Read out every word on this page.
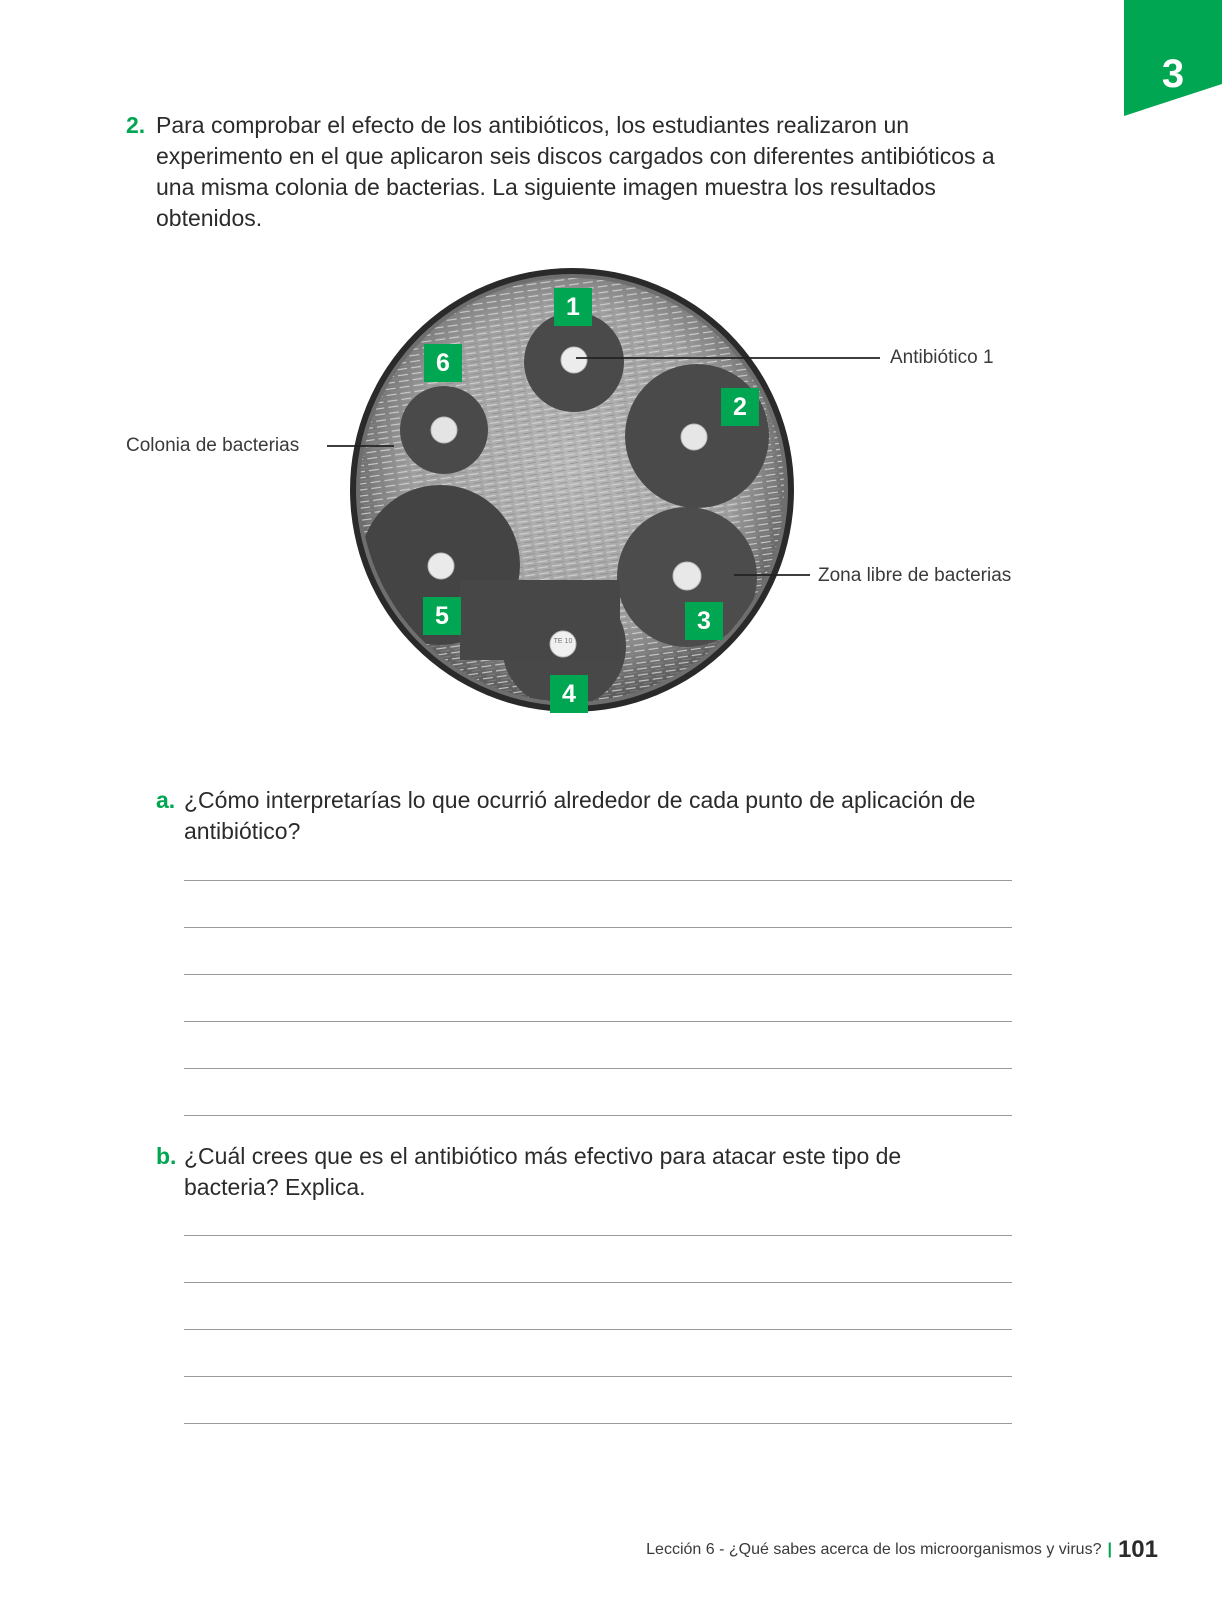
3
2. Para comprobar el efecto de los antibióticos, los estudiantes realizaron un experimento en el que aplicaron seis discos cargados con diferentes antibióticos a una misma colonia de bacterias. La siguiente imagen muestra los resultados obtenidos.
TE 10
Antibiótico 1
Colonia de bacterias
Zona libre de bacterias
1
2
3
4
5
6
a. ¿Cómo interpretarías lo que ocurrió alrededor de cada punto de aplicación de antibiótico?
b. ¿Cuál crees que es el antibiótico más efectivo para atacar este tipo de bacteria? Explica.
Lección 6 - ¿Qué sabes acerca de los microorganismos y virus? | 101
